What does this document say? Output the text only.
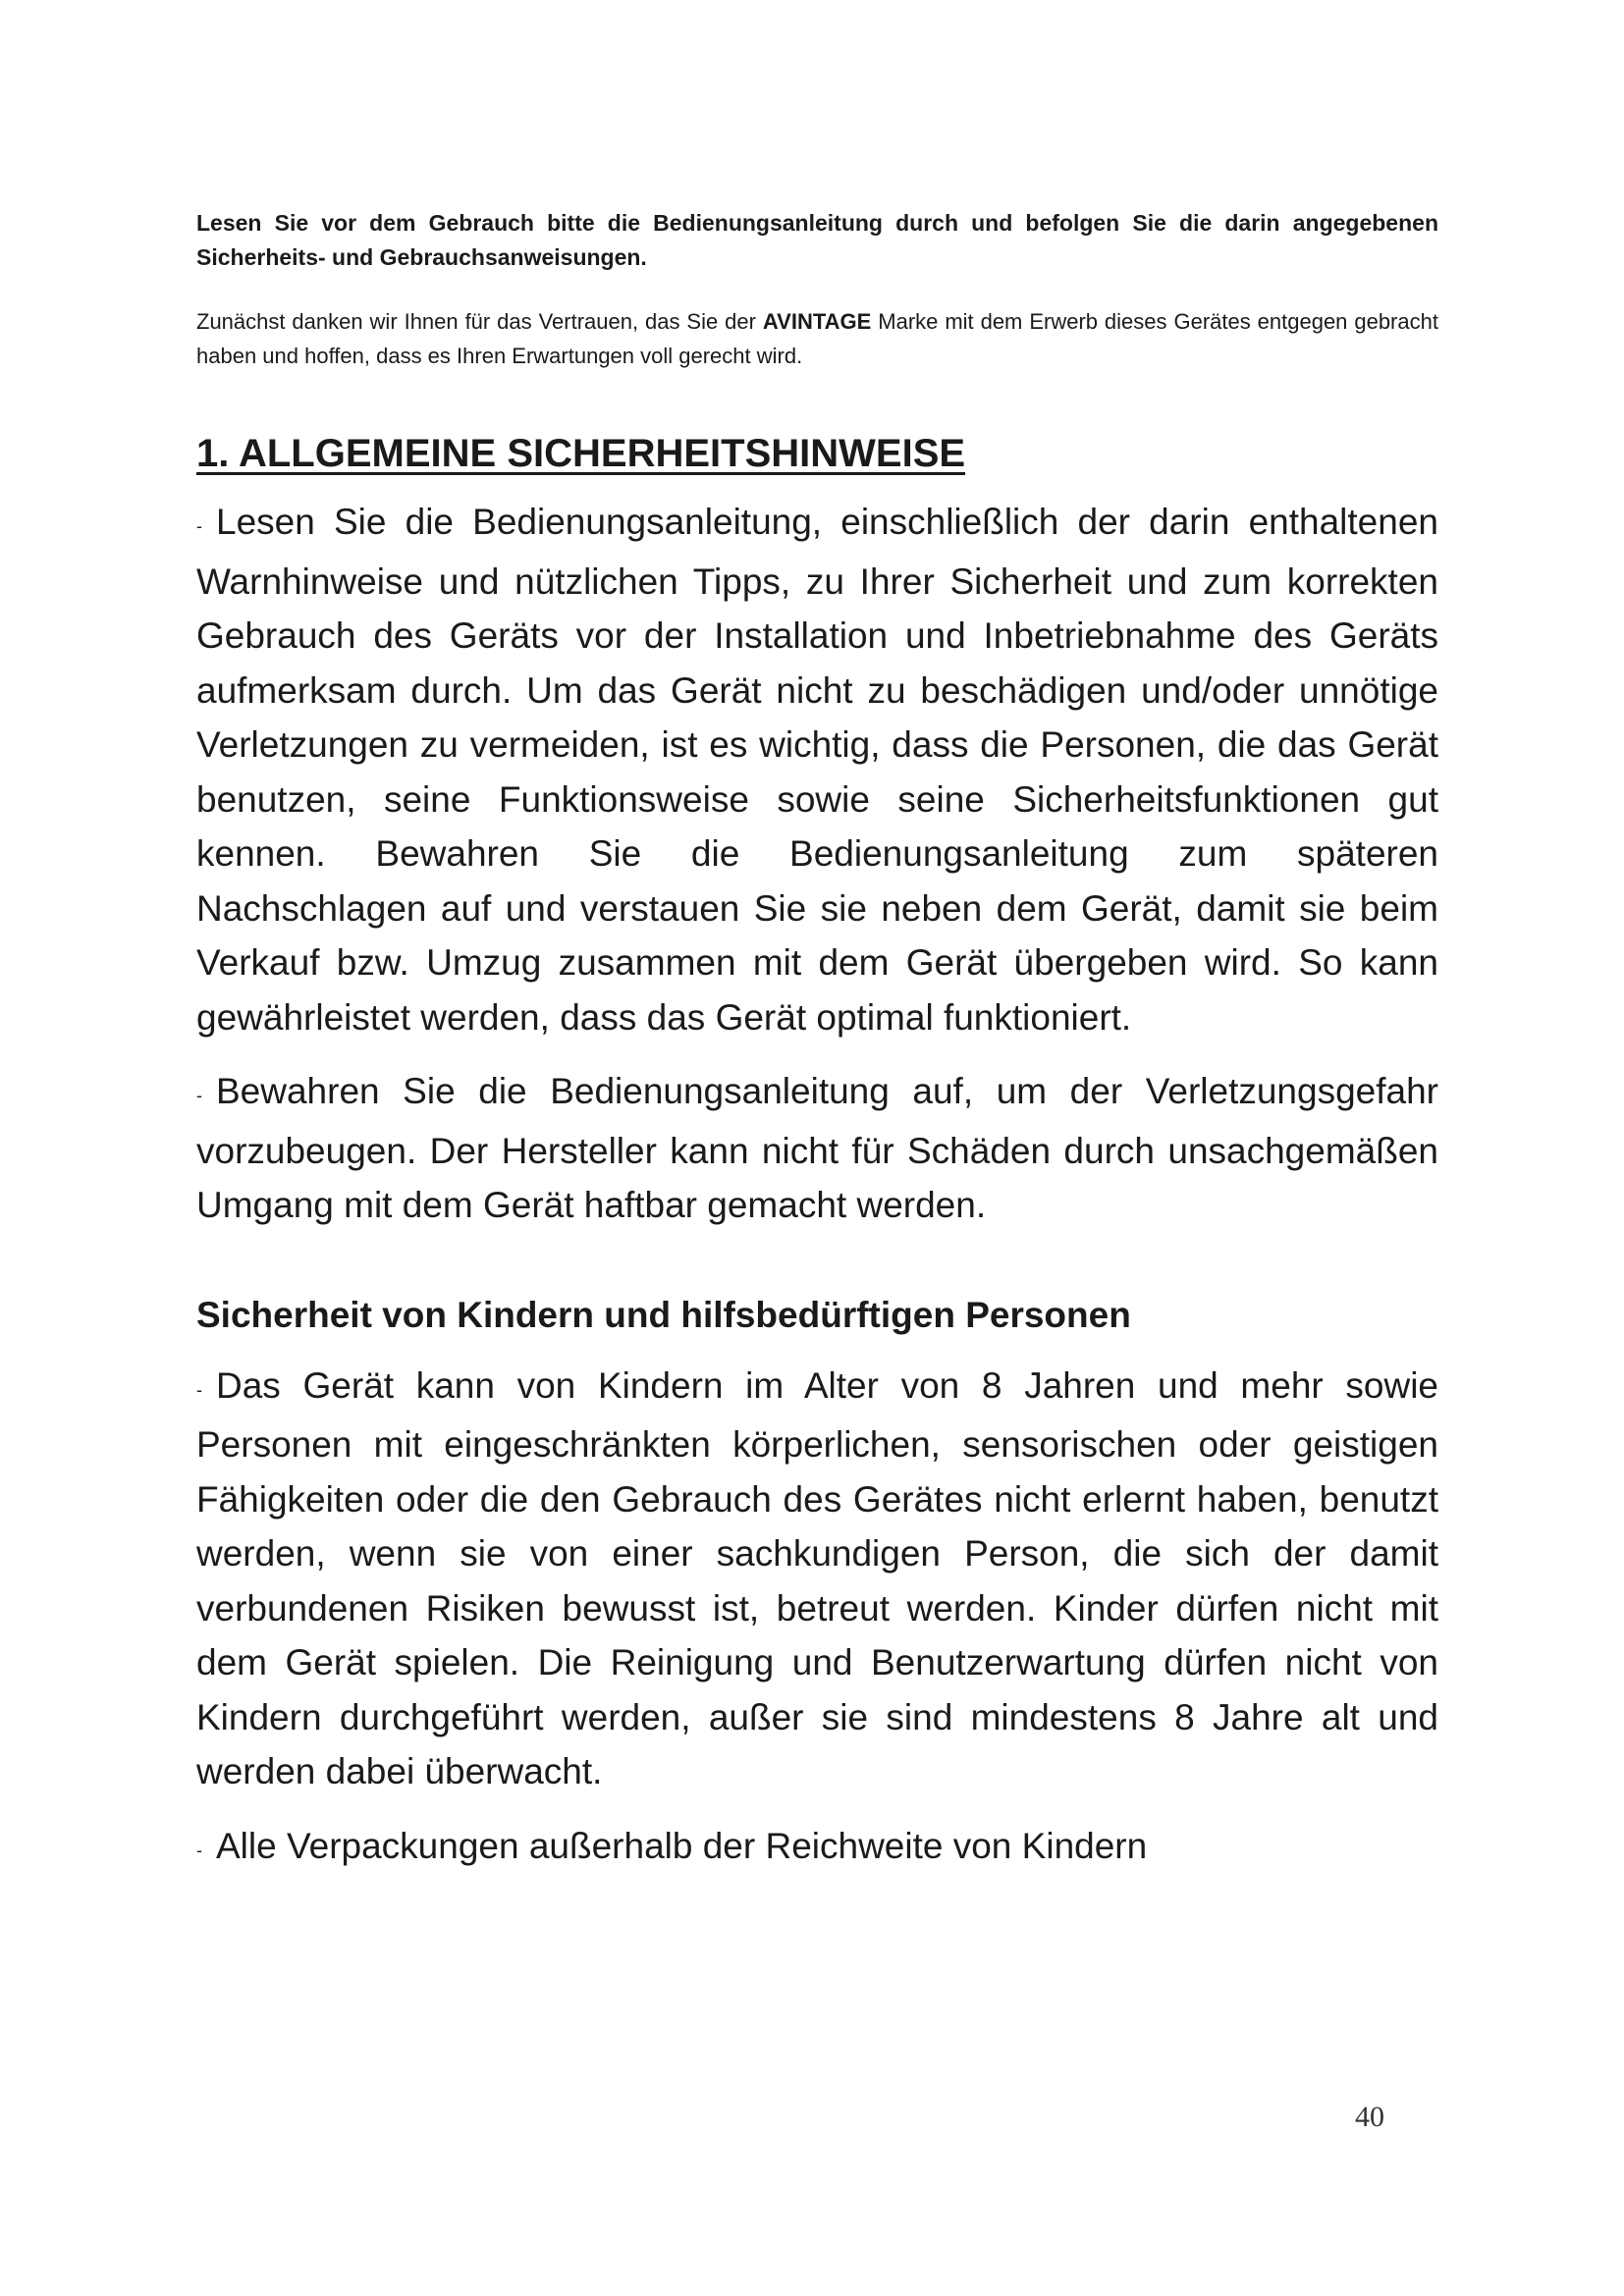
Lesen Sie vor dem Gebrauch bitte die Bedienungsanleitung durch und befolgen Sie die darin angegebenen Sicherheits- und Gebrauchsanweisungen.

Zunächst danken wir Ihnen für das Vertrauen, das Sie der AVINTAGE Marke mit dem Erwerb dieses Gerätes entgegen gebracht haben und hoffen, dass es Ihren Erwartungen voll gerecht wird.

1. ALLGEMEINE SICHERHEITSHINWEISE

- Lesen Sie die Bedienungsanleitung, einschließlich der darin enthaltenen Warnhinweise und nützlichen Tipps, zu Ihrer Sicherheit und zum korrekten Gebrauch des Geräts vor der Installation und Inbetriebnahme des Geräts aufmerksam durch. Um das Gerät nicht zu beschädigen und/oder unnötige Verletzungen zu vermeiden, ist es wichtig, dass die Personen, die das Gerät benutzen, seine Funktionsweise sowie seine Sicherheitsfunktionen gut kennen. Bewahren Sie die Bedienungsanleitung zum späteren Nachschlagen auf und verstauen Sie sie neben dem Gerät, damit sie beim Verkauf bzw. Umzug zusammen mit dem Gerät übergeben wird. So kann gewährleistet werden, dass das Gerät optimal funktioniert.

- Bewahren Sie die Bedienungsanleitung auf, um der Verletzungsgefahr vorzubeugen. Der Hersteller kann nicht für Schäden durch unsachgemäßen Umgang mit dem Gerät haftbar gemacht werden.

Sicherheit von Kindern und hilfsbedürftigen Personen

- Das Gerät kann von Kindern im Alter von 8 Jahren und mehr sowie Personen mit eingeschränkten körperlichen, sensorischen oder geistigen Fähigkeiten oder die den Gebrauch des Gerätes nicht erlernt haben, benutzt werden, wenn sie von einer sachkundigen Person, die sich der damit verbundenen Risiken bewusst ist, betreut werden. Kinder dürfen nicht mit dem Gerät spielen. Die Reinigung und Benutzerwartung dürfen nicht von Kindern durchgeführt werden, außer sie sind mindestens 8 Jahre alt und werden dabei überwacht.

- Alle Verpackungen außerhalb der Reichweite von Kindern

40
